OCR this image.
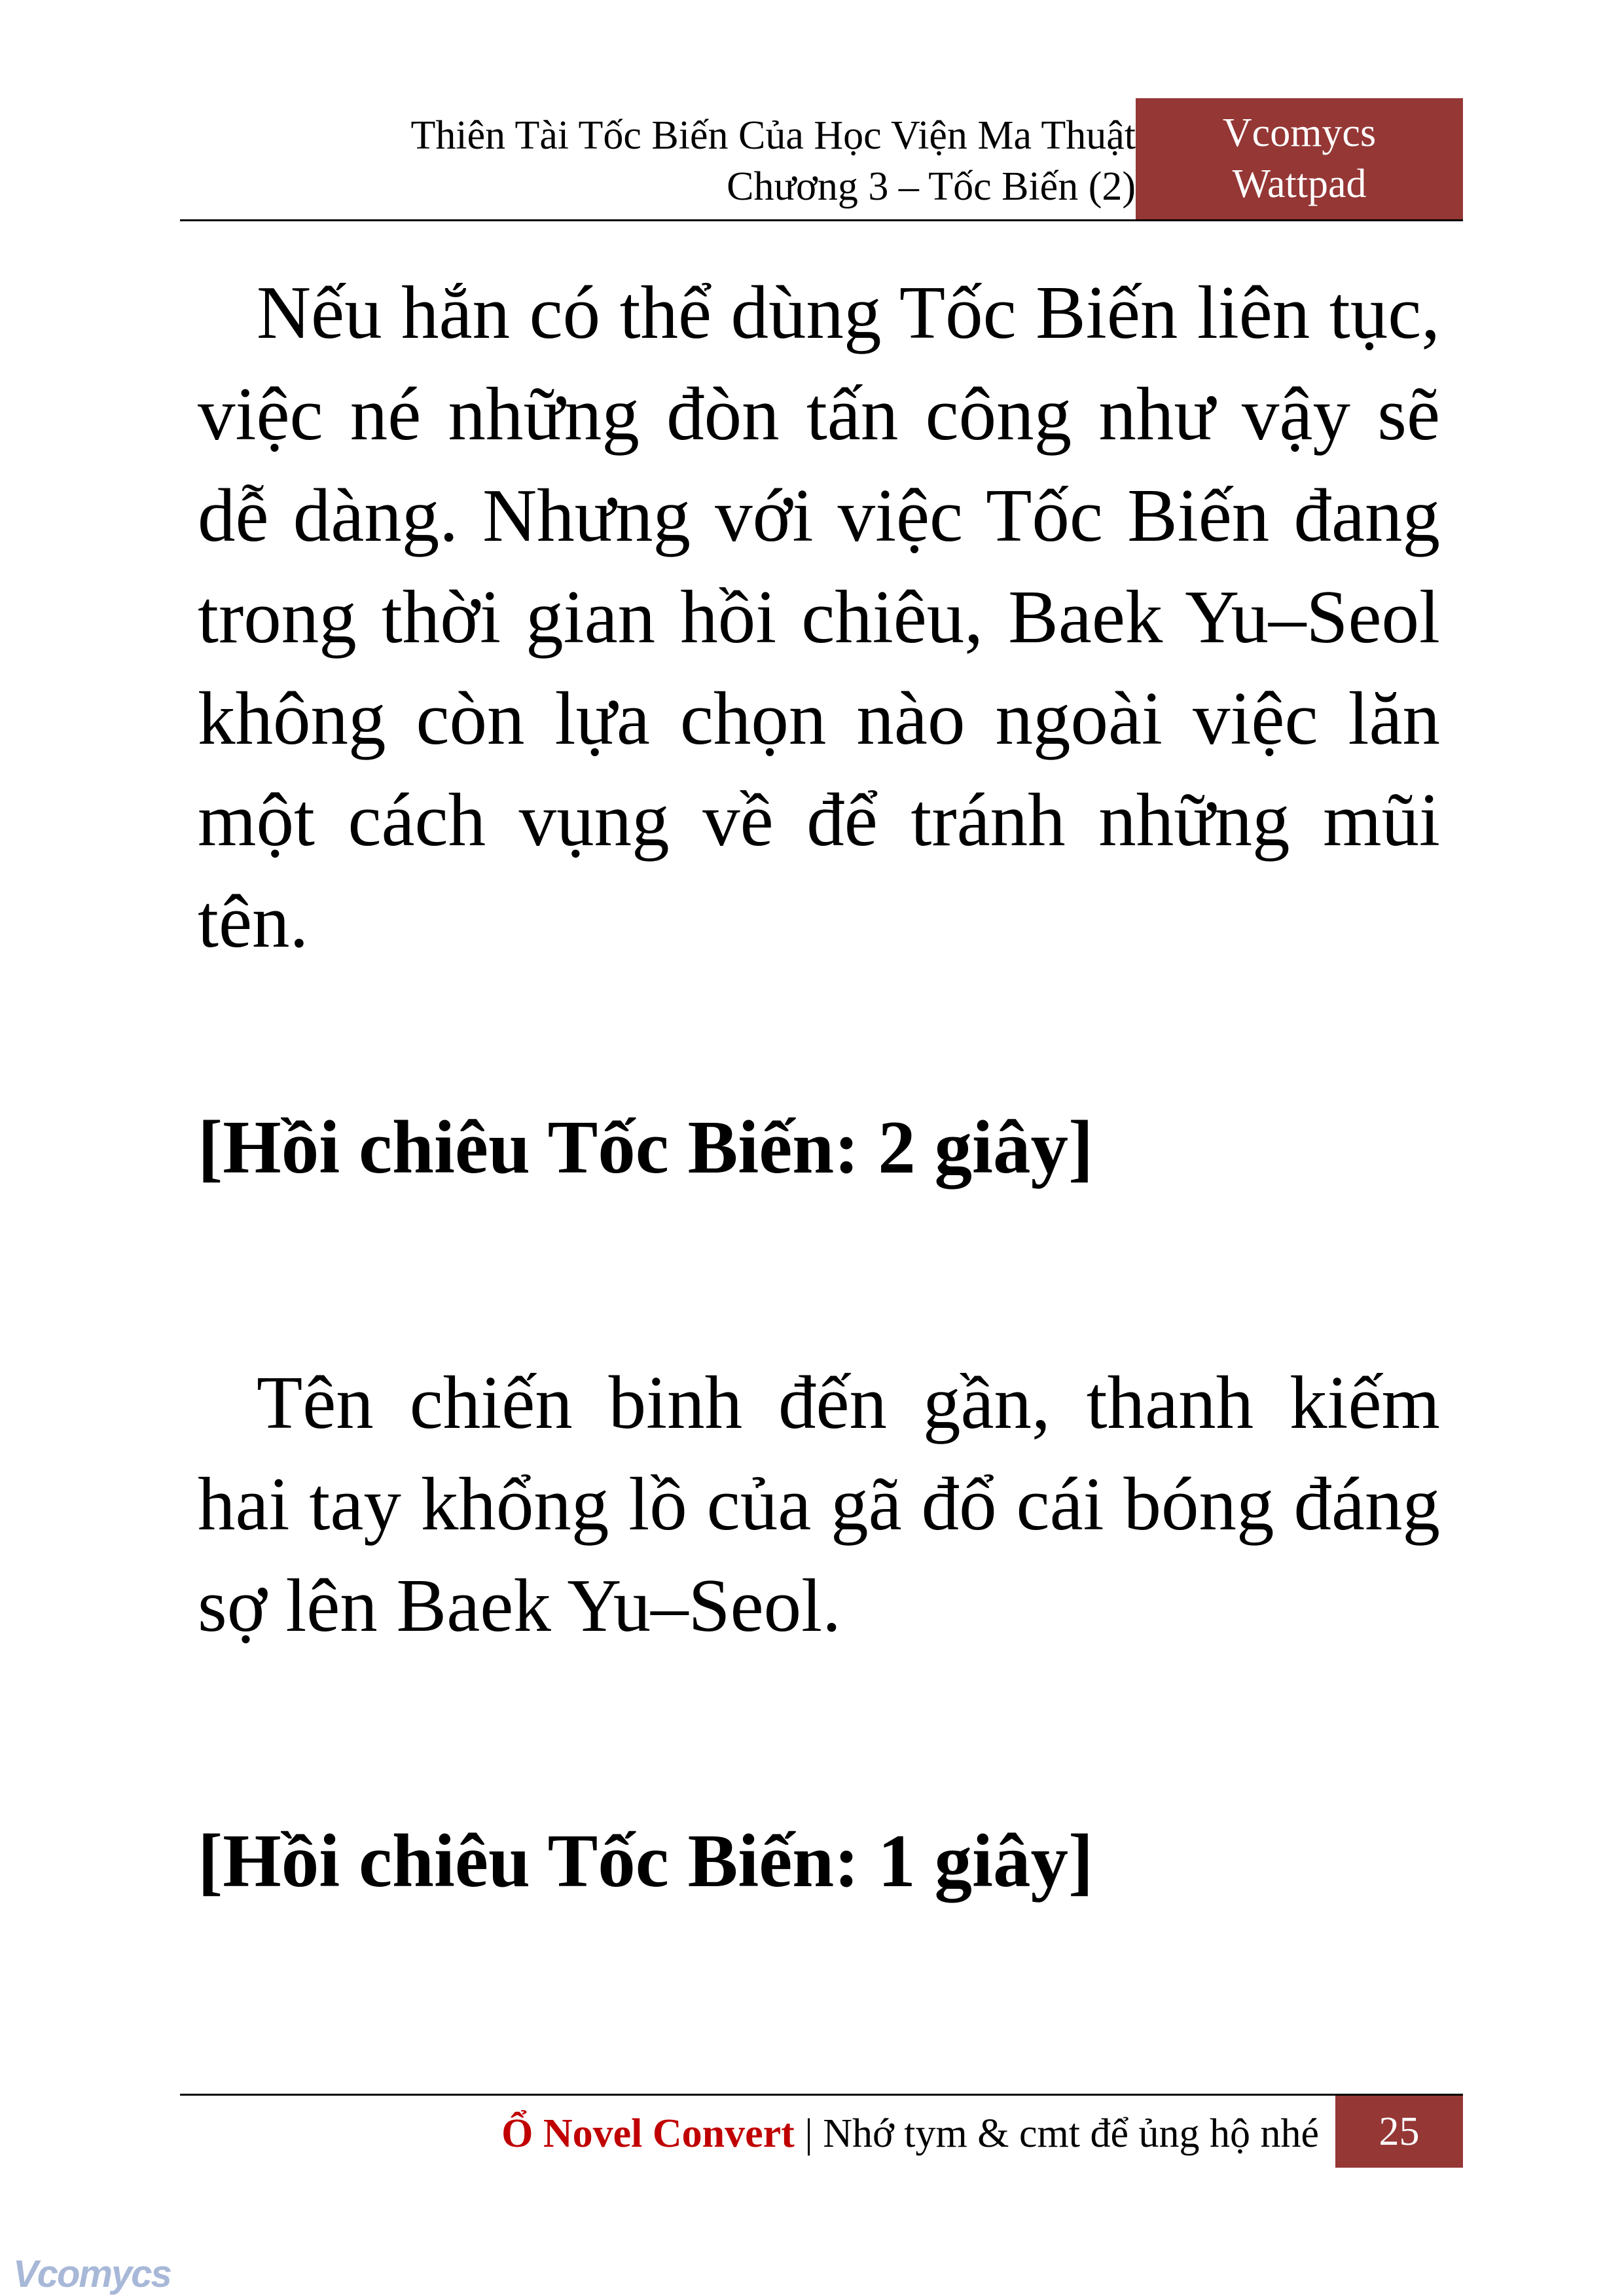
Thiên Tài Tốc Biến Của Học Viện Ma Thuật
Chương 3 – Tốc Biến (2)
Vcomycs
Wattpad

Nếu hắn có thể dùng Tốc Biến liên tục, việc né những đòn tấn công như vậy sẽ dễ dàng. Nhưng với việc Tốc Biến đang trong thời gian hồi chiêu, Baek Yu–Seol không còn lựa chọn nào ngoài việc lăn một cách vụng về để tránh những mũi tên.

[Hồi chiêu Tốc Biến: 2 giây]

Tên chiến binh đến gần, thanh kiếm hai tay khổng lồ của gã đổ cái bóng đáng sợ lên Baek Yu–Seol.

[Hồi chiêu Tốc Biến: 1 giây]

Ổ Novel Convert | Nhớ tym & cmt để ủng hộ nhé	25
Vcomycs
